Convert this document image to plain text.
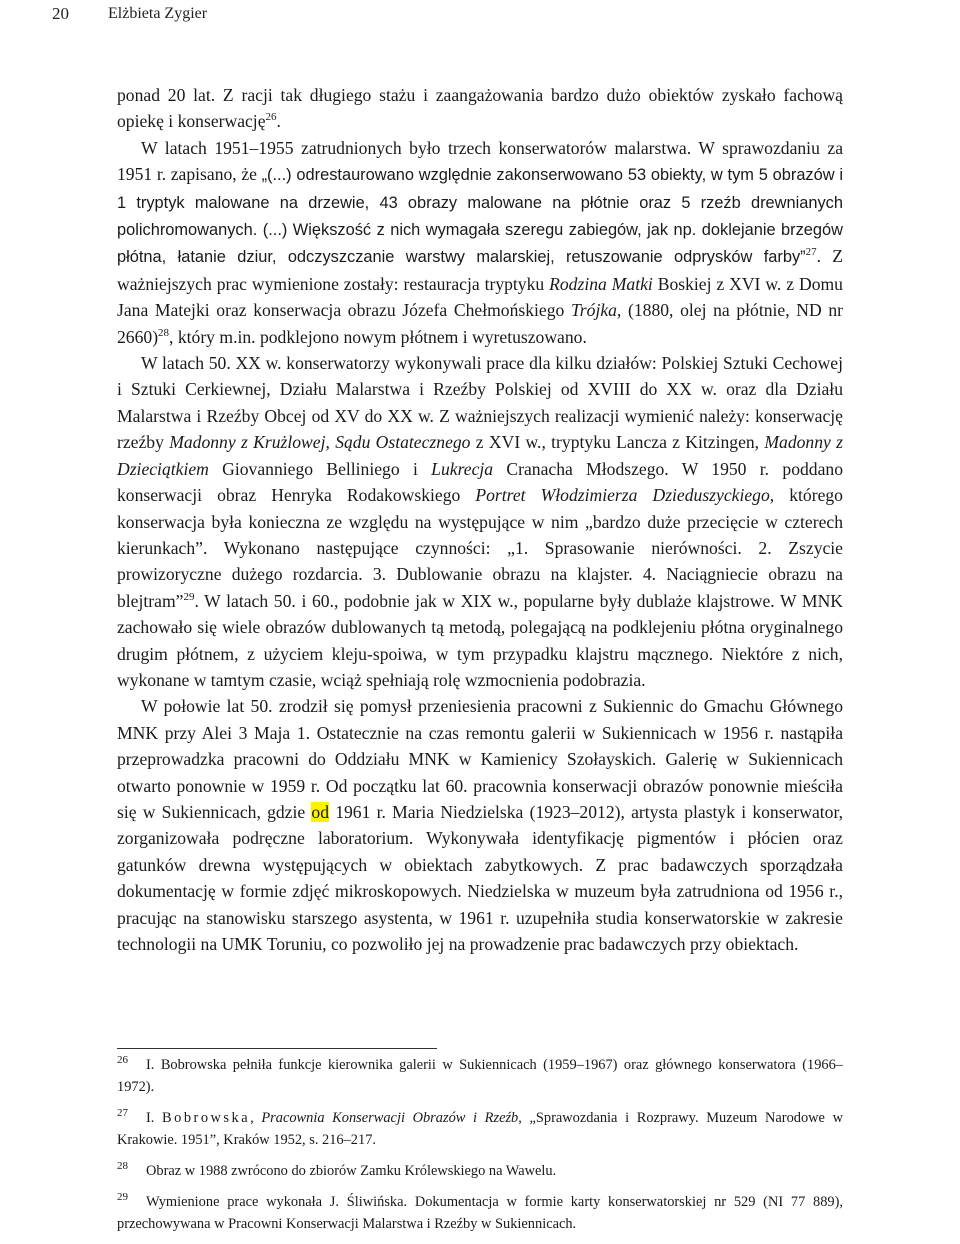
20	Elżbieta Zygier

ponad 20 lat. Z racji tak długiego stażu i zaangażowania bardzo dużo obiektów zyskało fachową opiekę i konserwację$^{26}$.

W latach 1951–1955 zatrudnionych było trzech konserwatorów malarstwa. W sprawozdaniu za 1951 r. zapisano, że „(...) odrestaurowano względnie zakonserwowano 53 obiekty, w tym 5 obrazów i 1 tryptyk malowane na drzewie, 43 obrazy malowane na płótnie oraz 5 rzeźb drewnianych polichromowanych. (...) Większość z nich wymagała szeregu zabiegów, jak np. doklejanie brzegów płótna, łatanie dziur, odczyszczanie warstwy malarskiej, retuszowanie odprysków farby”$^{27}$. Z ważniejszych prac wymienione zostały: restauracja tryptyku Rodzina Matki Boskiej z XVI w. z Domu Jana Matejki oraz konserwacja obrazu Józefa Chełmońskiego Trójka, (1880, olej na płótnie, ND nr 2660)$^{28}$, który m.in. podklejono nowym płótnem i wyretuszowano.

W latach 50. XX w. konserwatorzy wykonywali prace dla kilku działów: Polskiej Sztuki Cechowej i Sztuki Cerkiewnej, Działu Malarstwa i Rzeźby Polskiej od XVIII do XX w. oraz dla Działu Malarstwa i Rzeźby Obcej od XV do XX w. Z ważniejszych realizacji wymienić należy: konserwację rzeźby Madonny z Krużlowej, Sądu Ostatecznego z XVI w., tryptyku Lancza z Kitzingen, Madonny z Dzieciątkiem Giovanniego Belliniego i Lukrecja Cranacha Młodszego. W 1950 r. poddano konserwacji obraz Henryka Rodakowskiego Portret Włodzimierza Dzieduszyckiego, którego konserwacja była konieczna ze względu na występujące w nim „bardzo duże przecięcie w czterech kierunkach”. Wykonano następujące czynności: „1. Sprasowanie nierówności. 2. Zszycie prowizoryczne dużego rozdarcia. 3. Dublowanie obrazu na klajster. 4. Naciągniecie obrazu na blejtram”$^{29}$. W latach 50. i 60., podobnie jak w XIX w., popularne były dublaże klajstrowe. W MNK zachowało się wiele obrazów dublowanych tą metodą, polegającą na podklejeniu płótna oryginalnego drugim płótnem, z użyciem kleju-spoiwa, w tym przypadku klajstru mącznego. Niektóre z nich, wykonane w tamtym czasie, wciąż spełniają rolę wzmocnienia podobrazia.

W połowie lat 50. zrodził się pomysł przeniesienia pracowni z Sukiennic do Gmachu Głównego MNK przy Alei 3 Maja 1. Ostatecznie na czas remontu galerii w Sukiennicach w 1956 r. nastąpiła przeprowadzka pracowni do Oddziału MNK w Kamienicy Szołayskich. Galerię w Sukiennicach otwarto ponownie w 1959 r. Od początku lat 60. pracownia konserwacji obrazów ponownie mieściła się w Sukiennicach, gdzie od 1961 r. Maria Niedzielska (1923–2012), artysta plastyk i konserwator, zorganizowała podręczne laboratorium. Wykonywała identyfikację pigmentów i płócien oraz gatunków drewna występujących w obiektach zabytkowych. Z prac badawczych sporządzała dokumentację w formie zdjęć mikroskopowych. Niedzielska w muzeum była zatrudniona od 1956 r., pracując na stanowisku starszego asystenta, w 1961 r. uzupełniła studia konserwatorskie w zakresie technologii na UMK Toruniu, co pozwoliło jej na prowadzenie prac badawczych przy obiektach.

26 I. Bobrowska pełniła funkcje kierownika galerii w Sukiennicach (1959–1967) oraz głównego konserwatora (1966–1972).

27 I. Bobrowska, Pracownia Konserwacji Obrazów i Rzeźb, „Sprawozdania i Rozprawy. Muzeum Narodowe w Krakowie. 1951”, Kraków 1952, s. 216–217.

28 Obraz w 1988 zwrócono do zbiorów Zamku Królewskiego na Wawelu.

29 Wymienione prace wykonała J. Śliwińska. Dokumentacja w formie karty konserwatorskiej nr 529 (NI 77 889), przechowywana w Pracowni Konserwacji Malarstwa i Rzeźby w Sukiennicach.
